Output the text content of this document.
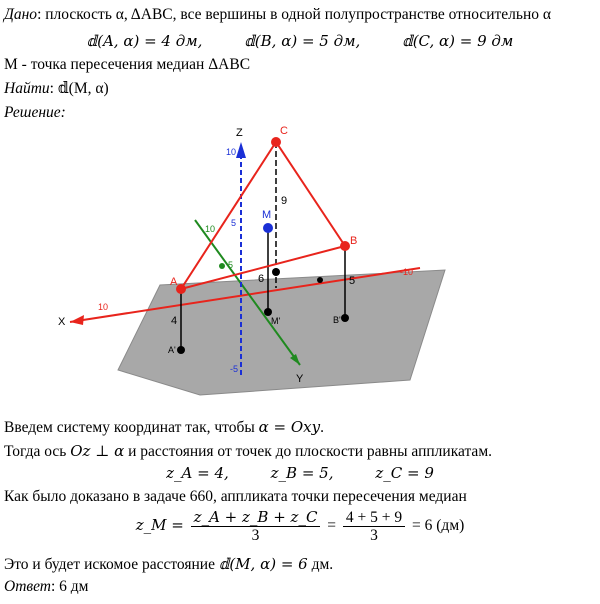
Дано: плоскость α, ΔABC, все вершины в одной полупространстве относительно α
𝕕(A, α) = 4 дм,	𝕕(B, α) = 5 дм,	𝕕(C, α) = 9 дм
M - точка пересечения медиан ΔABC
Найти: 𝕕(M, α)
Решение:
X
10
-10
Y
10
5
Z
10
5
-5
A
C
B
M
A'
B'
M'
4
5
9
6
Введем систему координат так, чтобы α = Oxy.
Тогда ось Oz ⊥ α и расстояния от точек до плоскости равны аппликатам.
z_A = 4,	z_B = 5,	z_C = 9
Как было доказано в задаче 660, аппликата точки пересечения медиан
z_M = $\frac{z\_A + z\_B + z\_C}{3} = \frac{4 + 5 + 9}{3} = 6$ (дм)
Это и будет искомое расстояние 𝕕(M, α) = 6 дм.
Ответ: 6 дм
